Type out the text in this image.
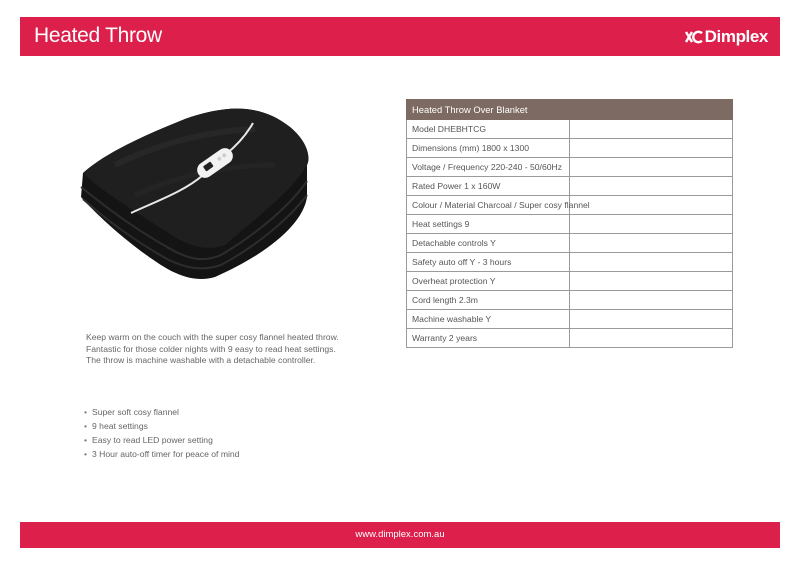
Heated Throw	Dimplex
Keep warm on the couch with the super cosy flannel heated throw. Fantastic for those colder nights with 9 easy to read heat settings. The throw is machine washable with a detachable controller.
• Super soft cosy flannel
• 9 heat settings
• Easy to read LED power setting
• 3 Hour auto-off timer for peace of mind
Heated Throw Over Blanket	
Model DHEBHTCG	
Dimensions (mm) 1800 x 1300	
Voltage / Frequency 220-240 - 50/60Hz	
Rated Power 1 x 160W	
Colour / Material Charcoal / Super cosy flannel	
Heat settings 9	
Detachable controls Y	
Safety auto off Y - 3 hours	
Overheat protection Y	
Cord length 2.3m	
Machine washable Y	
Warranty 2 years	
www.dimplex.com.au
